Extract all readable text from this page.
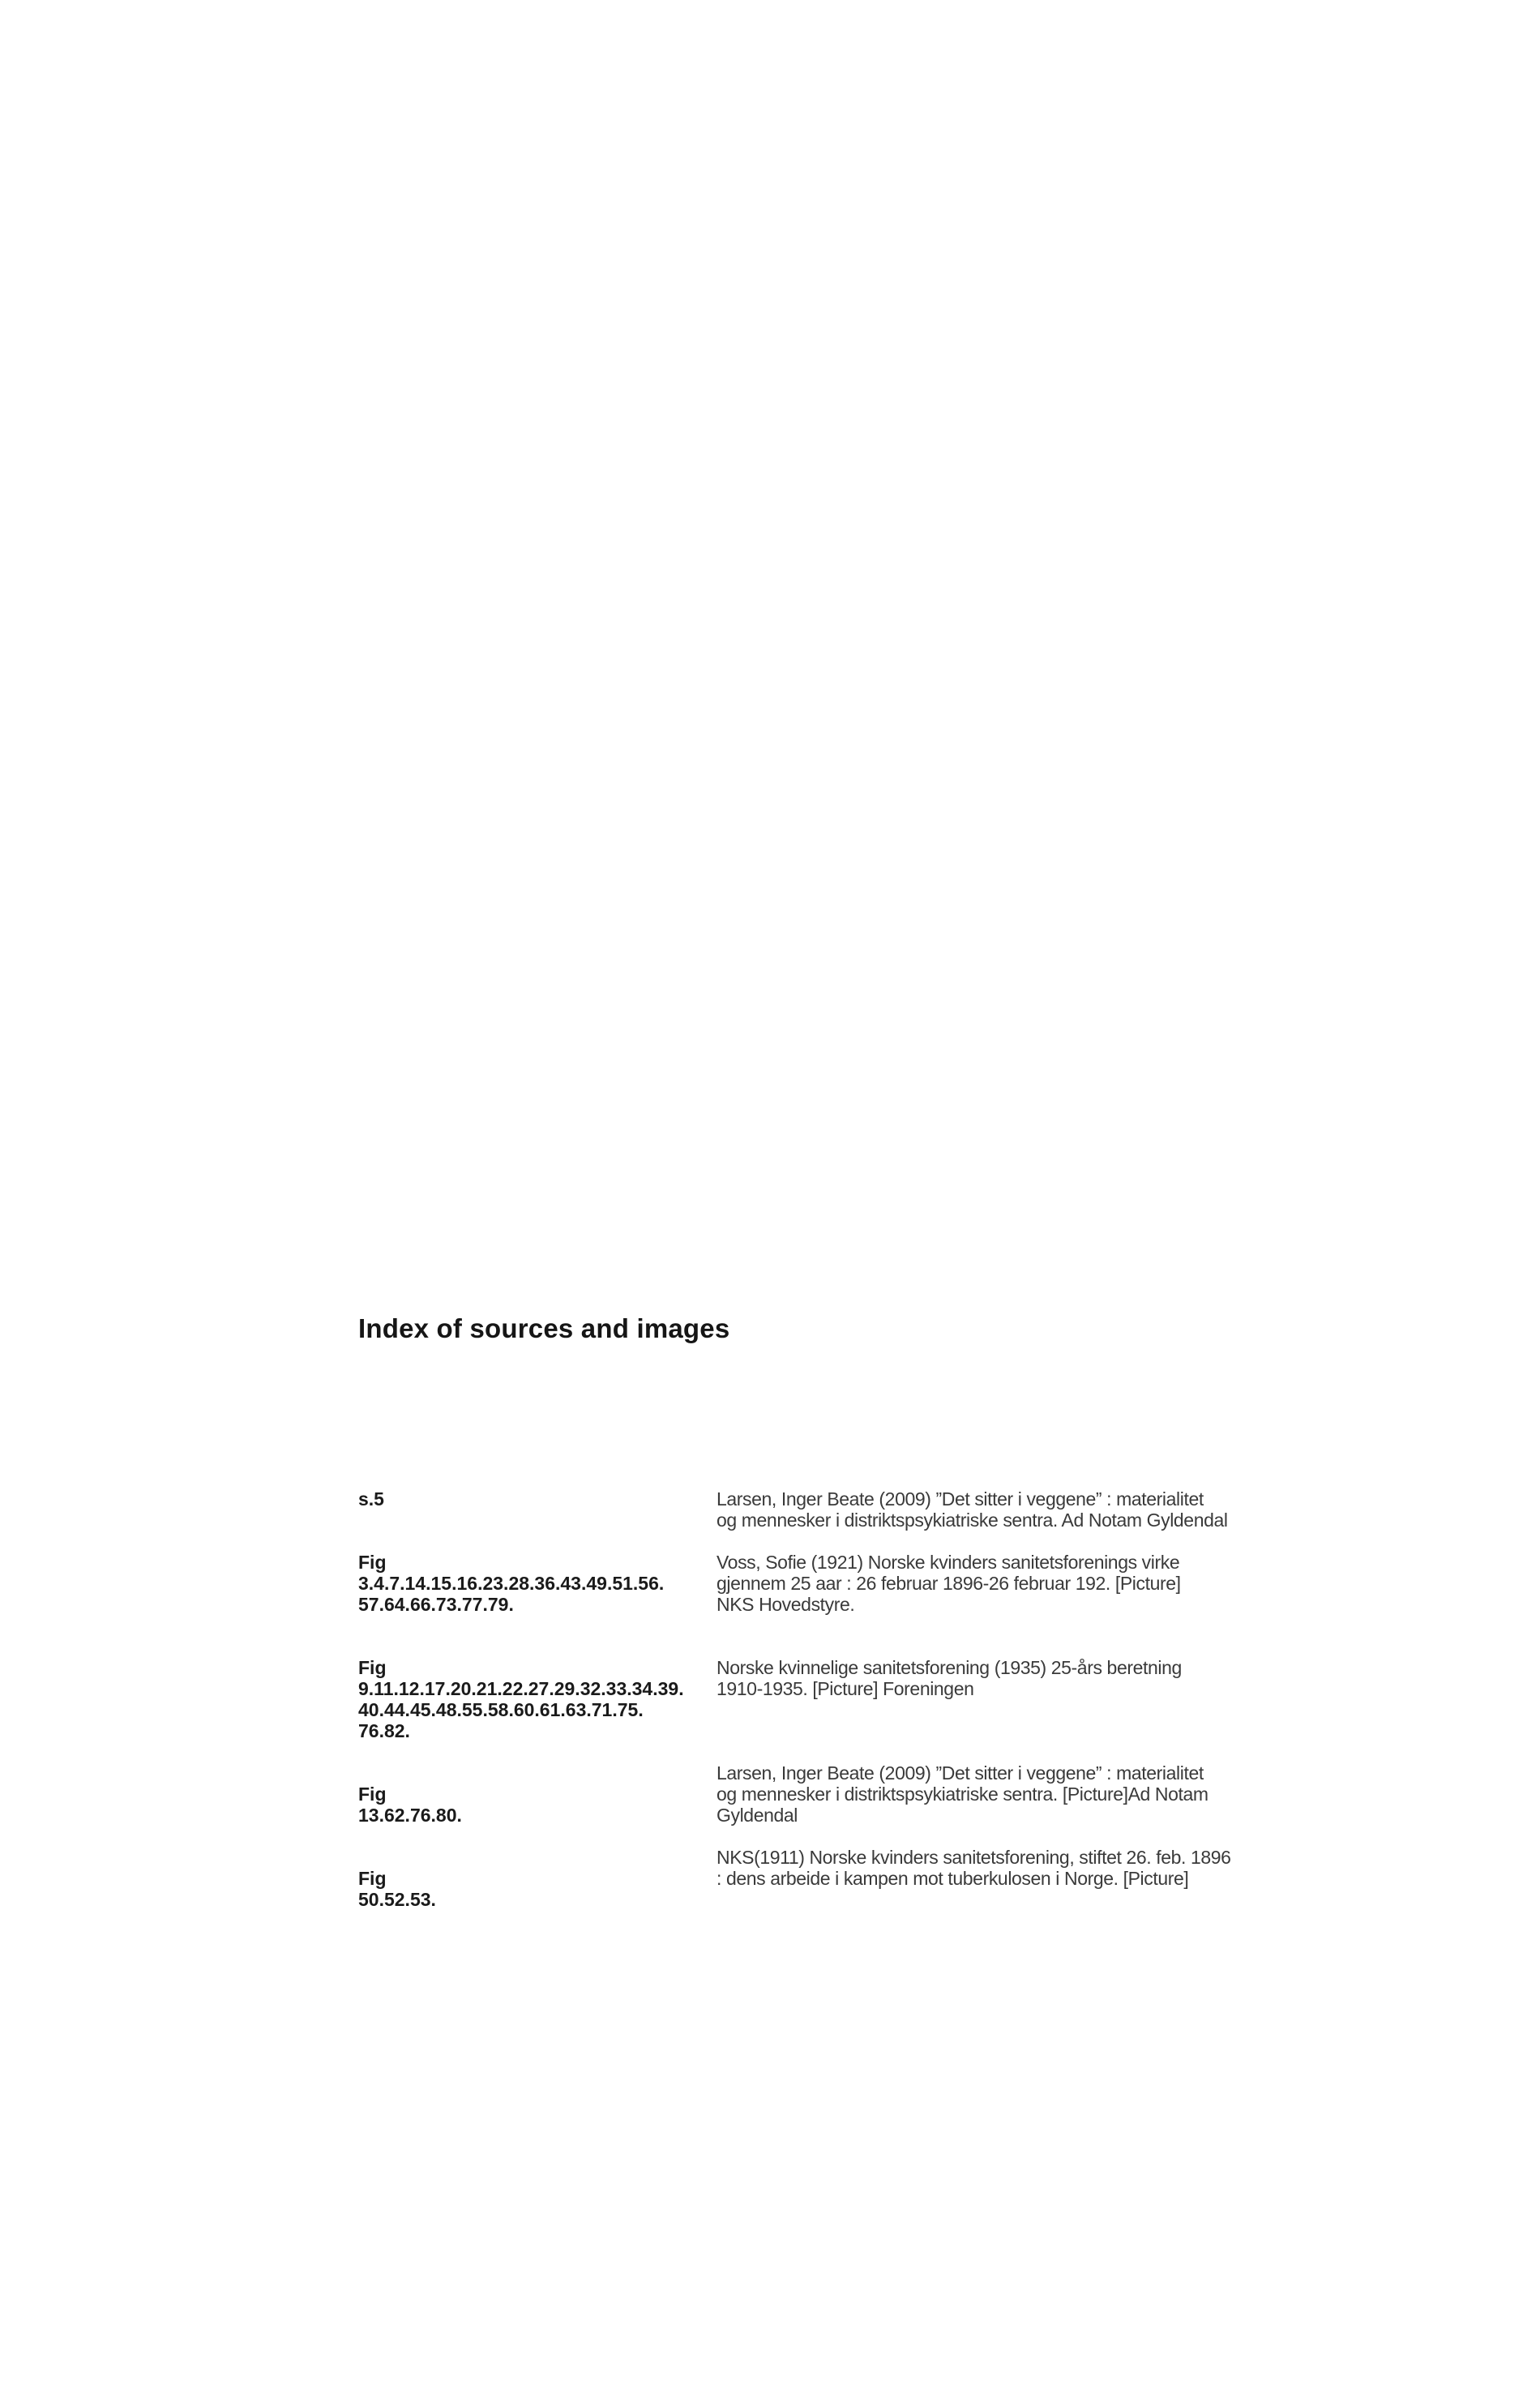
Index of sources and images
s.5	Larsen, Inger Beate (2009) ”Det sitter i veggene” : materialitet
og mennesker i distriktspsykiatriske sentra. Ad Notam Gyldendal
Fig
3.4.7.14.15.16.23.28.36.43.49.51.56.
57.64.66.73.77.79.
Voss, Sofie (1921) Norske kvinders sanitetsforenings virke
gjennem 25 aar : 26 februar 1896-26 februar 192. [Picture]
NKS Hovedstyre.
Fig
9.11.12.17.20.21.22.27.29.32.33.34.39.
40.44.45.48.55.58.60.61.63.71.75.
76.82.
Norske kvinnelige sanitetsforening (1935) 25-års beretning
1910-1935. [Picture] Foreningen
Fig
13.62.76.80.
Larsen, Inger Beate (2009) ”Det sitter i veggene” : materialitet
og mennesker i distriktspsykiatriske sentra. [Picture]Ad Notam
Gyldendal
Fig
50.52.53.
NKS(1911) Norske kvinders sanitetsforening, stiftet 26. feb. 1896
: dens arbeide i kampen mot tuberkulosen i Norge. [Picture]
